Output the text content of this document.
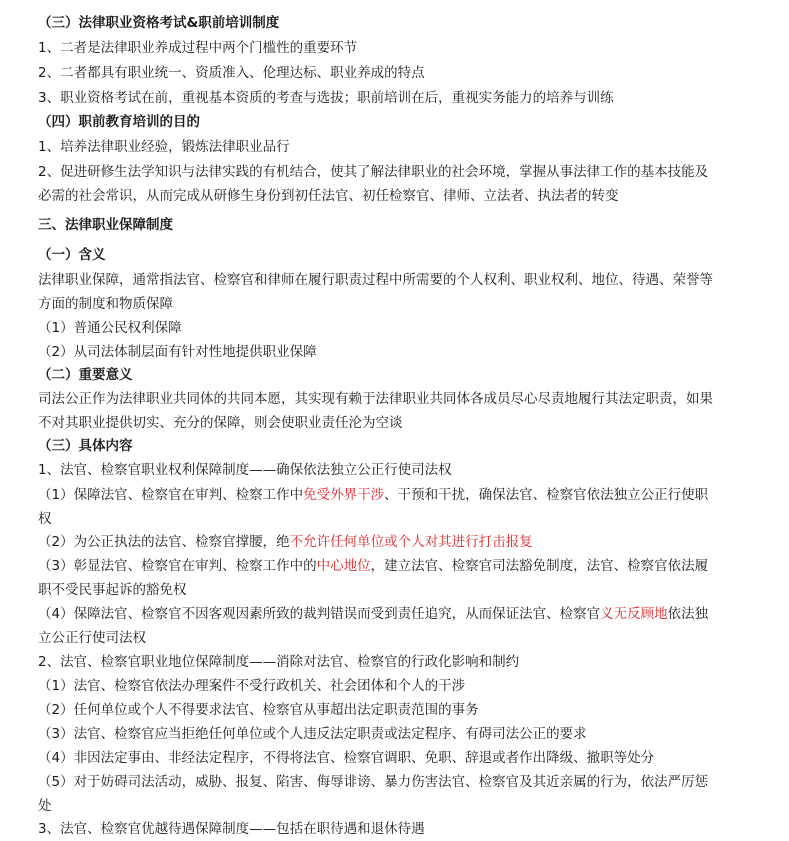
（三）法律职业资格考试&职前培训制度
1、二者是法律职业养成过程中两个门槛性的重要环节
2、二者都具有职业统一、资质准入、伦理达标、职业养成的特点
3、职业资格考试在前，重视基本资质的考查与选拔；职前培训在后，重视实务能力的培养与训练
（四）职前教育培训的目的
1、培养法律职业经验，锻炼法律职业品行
2、促进研修生法学知识与法律实践的有机结合，使其了解法律职业的社会环境，掌握从事法律工作的基本技能及
必需的社会常识，从而完成从研修生身份到初任法官、初任检察官、律师、立法者、执法者的转变
三、法律职业保障制度
（一）含义
法律职业保障，通常指法官、检察官和律师在履行职责过程中所需要的个人权利、职业权利、地位、待遇、荣誉等
方面的制度和物质保障
（1）普通公民权利保障
（2）从司法体制层面有针对性地提供职业保障
（二）重要意义
司法公正作为法律职业共同体的共同本愿，其实现有赖于法律职业共同体各成员尽心尽责地履行其法定职责，如果
不对其职业提供切实、充分的保障，则会使职业责任沦为空谈
（三）具体内容
1、法官、检察官职业权利保障制度——确保依法独立公正行使司法权
（1）保障法官、检察官在审判、检察工作中免受外界干涉、干预和干扰，确保法官、检察官依法独立公正行使职
权
（2）为公正执法的法官、检察官撑腰，绝不允许任何单位或个人对其进行打击报复
（3）彰显法官、检察官在审判、检察工作中的中心地位，建立法官、检察官司法豁免制度，法官、检察官依法履
职不受民事起诉的豁免权
（4）保障法官、检察官不因客观因素所致的裁判错误而受到责任追究，从而保证法官、检察官义无反顾地依法独
立公正行使司法权
2、法官、检察官职业地位保障制度——消除对法官、检察官的行政化影响和制约
（1）法官、检察官依法办理案件不受行政机关、社会团体和个人的干涉
（2）任何单位或个人不得要求法官、检察官从事超出法定职责范围的事务
（3）法官、检察官应当拒绝任何单位或个人违反法定职责或法定程序、有碍司法公正的要求
（4）非因法定事由、非经法定程序，不得将法官、检察官调职、免职、辞退或者作出降级、撤职等处分
（5）对于妨碍司法活动，威胁、报复、陷害、侮辱诽谤、暴力伤害法官、检察官及其近亲属的行为，依法严厉惩
处
3、法官、检察官优越待遇保障制度——包括在职待遇和退休待遇
